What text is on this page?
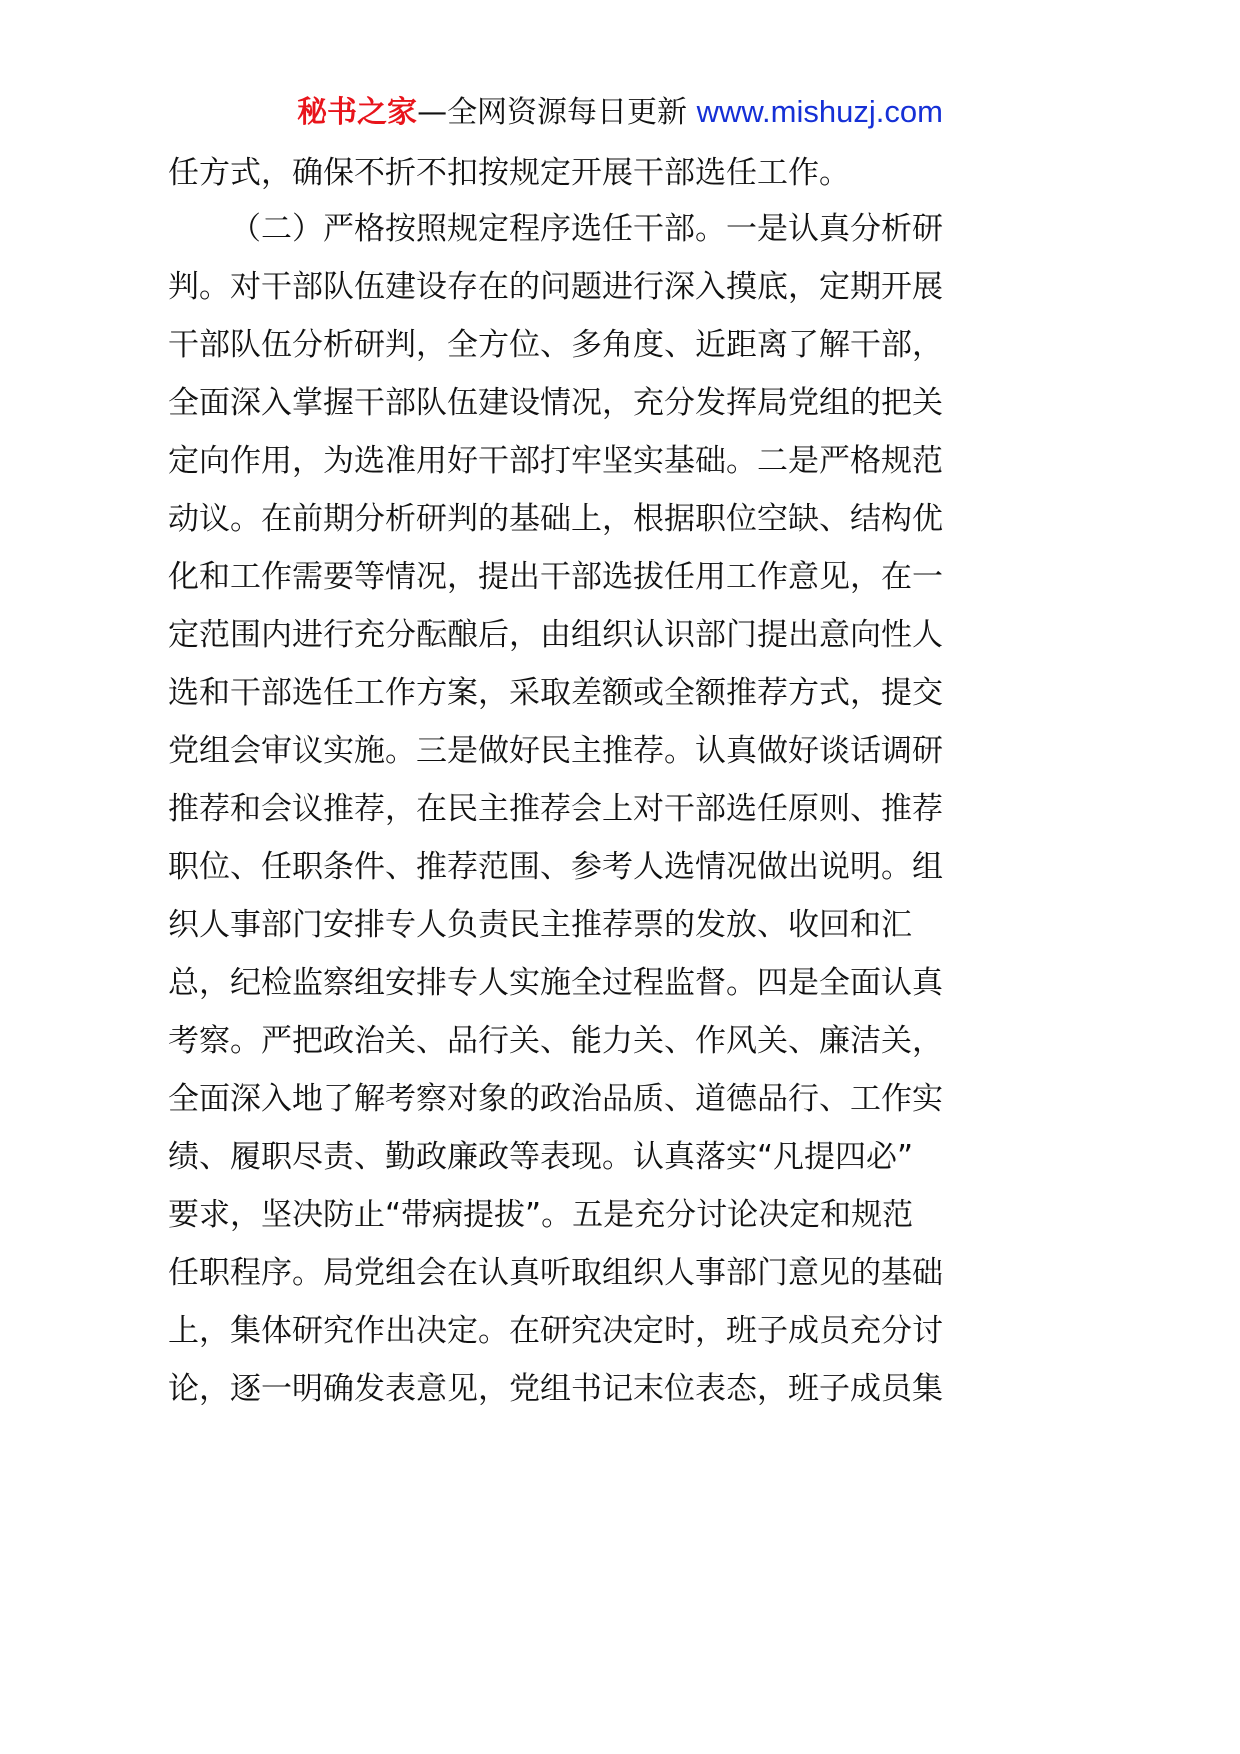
秘书之家—全网资源每日更新 www.mishuzj.com
任方式，确保不折不扣按规定开展干部选任工作。
（二）严格按照规定程序选任干部。一是认真分析研
判。对干部队伍建设存在的问题进行深入摸底，定期开展
干部队伍分析研判，全方位、多角度、近距离了解干部，
全面深入掌握干部队伍建设情况，充分发挥局党组的把关
定向作用，为选准用好干部打牢坚实基础。二是严格规范
动议。在前期分析研判的基础上，根据职位空缺、结构优
化和工作需要等情况，提出干部选拔任用工作意见，在一
定范围内进行充分酝酿后，由组织认识部门提出意向性人
选和干部选任工作方案，采取差额或全额推荐方式，提交
党组会审议实施。三是做好民主推荐。认真做好谈话调研
推荐和会议推荐，在民主推荐会上对干部选任原则、推荐
职位、任职条件、推荐范围、参考人选情况做出说明。组
织人事部门安排专人负责民主推荐票的发放、收回和汇
总，纪检监察组安排专人实施全过程监督。四是全面认真
考察。严把政治关、品行关、能力关、作风关、廉洁关，
全面深入地了解考察对象的政治品质、道德品行、工作实
绩、履职尽责、勤政廉政等表现。认真落实“凡提四必”
要求，坚决防止“带病提拔”。五是充分讨论决定和规范
任职程序。局党组会在认真听取组织人事部门意见的基础
上，集体研究作出决定。在研究决定时，班子成员充分讨
论，逐一明确发表意见，党组书记末位表态，班子成员集
